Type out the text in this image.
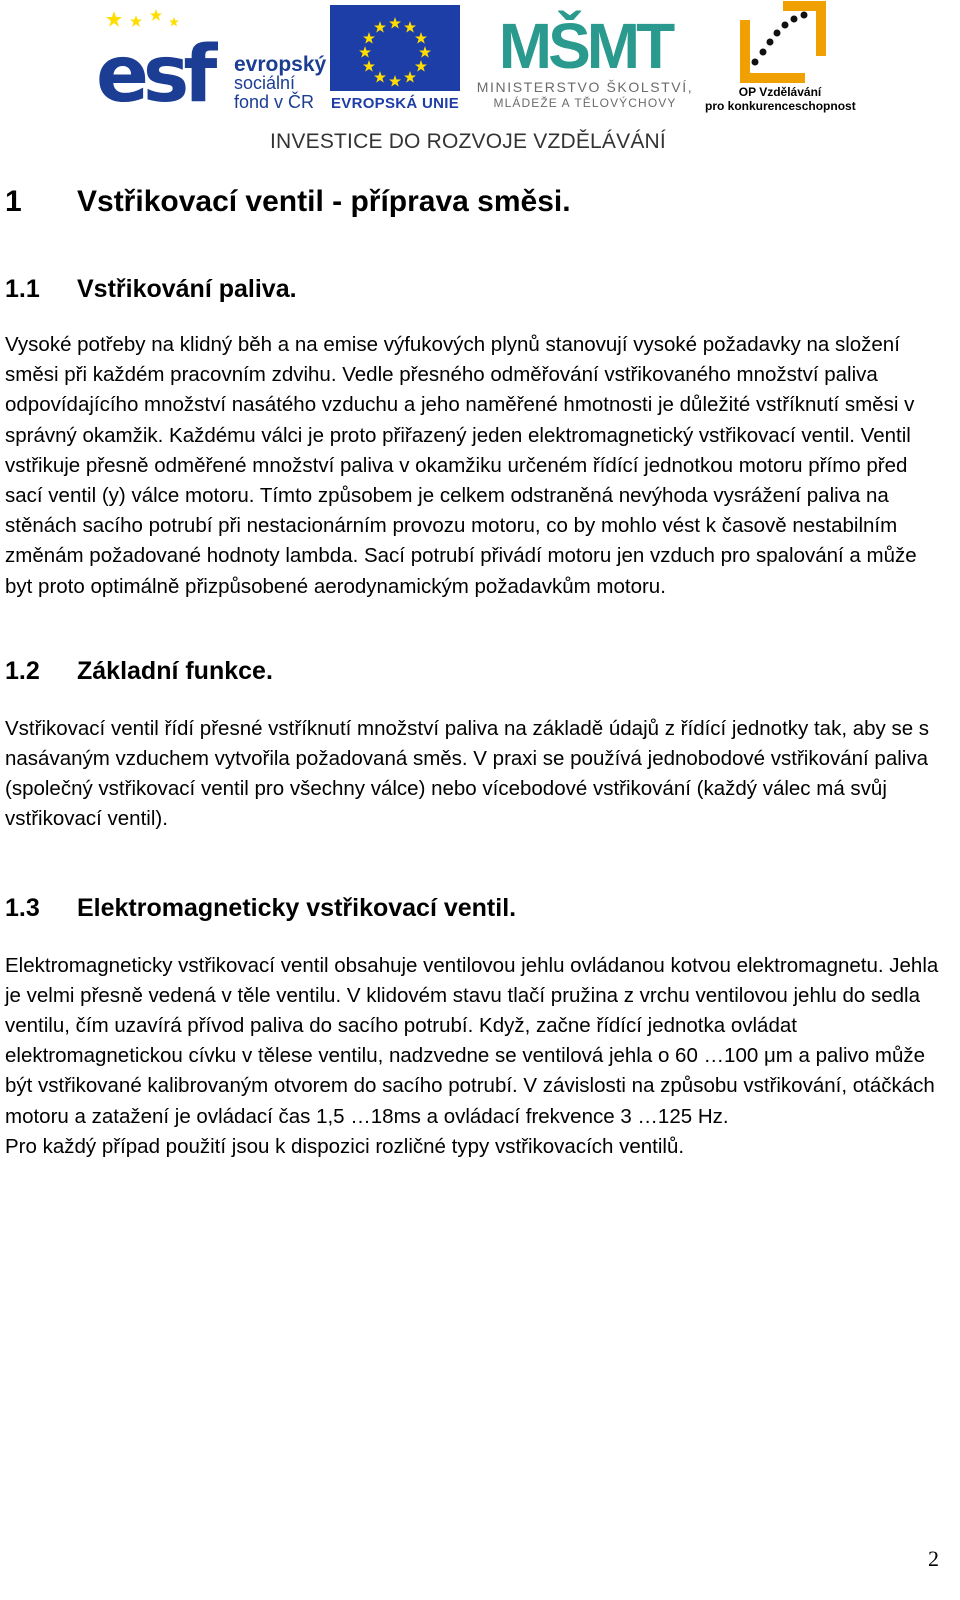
esf evropský
sociální
fond v ČR	EVROPSKÁ UNIE
MŠMT
MINISTERSTVO ŠKOLSTVÍ,
MLÁDEŽE A TĚLOVÝCHOVY
OP Vzdělávání
pro konkurenceschopnost
INVESTICE DO ROZVOJE VZDĚLÁVÁNÍ
1 Vstřikovací ventil - příprava směsi.
1.1 Vstřikování paliva.

Vysoké potřeby na klidný běh a na emise výfukových plynů stanovují vysoké požadavky na složení směsi při každém pracovním zdvihu. Vedle přesného odměřování vstřikovaného množství paliva odpovídajícího množství nasátého vzduchu a jeho naměřené hmotnosti je důležité vstříknutí směsi v správný okamžik. Každému válci je proto přiřazený jeden elektromagnetický vstřikovací ventil. Ventil vstřikuje přesně odměřené množství paliva v okamžiku určeném řídící jednotkou motoru přímo před sací ventil (y) válce motoru. Tímto způsobem je celkem odstraněná nevýhoda vysrážení paliva na stěnách sacího potrubí při nestacionárním provozu motoru, co by mohlo vést k časově nestabilním změnám požadované hodnoty lambda. Sací potrubí přivádí motoru jen vzduch pro spalování a může byt proto optimálně přizpůsobené aerodynamickým požadavkům motoru.

1.2 Základní funkce.

Vstřikovací ventil řídí přesné vstříknutí množství paliva na základě údajů z řídící jednotky tak, aby se s nasávaným vzduchem vytvořila požadovaná směs. V praxi se používá jednobodové vstřikování paliva (společný vstřikovací ventil pro všechny válce) nebo vícebodové vstřikování (každý válec má svůj vstřikovací ventil).

1.3 Elektromagneticky vstřikovací ventil.

Elektromagneticky vstřikovací ventil obsahuje ventilovou jehlu ovládanou kotvou elektromagnetu. Jehla je velmi přesně vedená v těle ventilu. V klidovém stavu tlačí pružina z vrchu ventilovou jehlu do sedla ventilu, čím uzavírá přívod paliva do sacího potrubí. Když, začne řídící jednotka ovládat elektromagnetickou cívku v tělese ventilu, nadzvedne se ventilová jehla o 60 …100 μm a palivo může být vstřikované kalibrovaným otvorem do sacího potrubí. V závislosti na způsobu vstřikování, otáčkách motoru a zatažení je ovládací čas 1,5 …18ms a ovládací frekvence 3 …125 Hz.

Pro každý případ použití jsou k dispozici rozličné typy vstřikovacích ventilů.

2
